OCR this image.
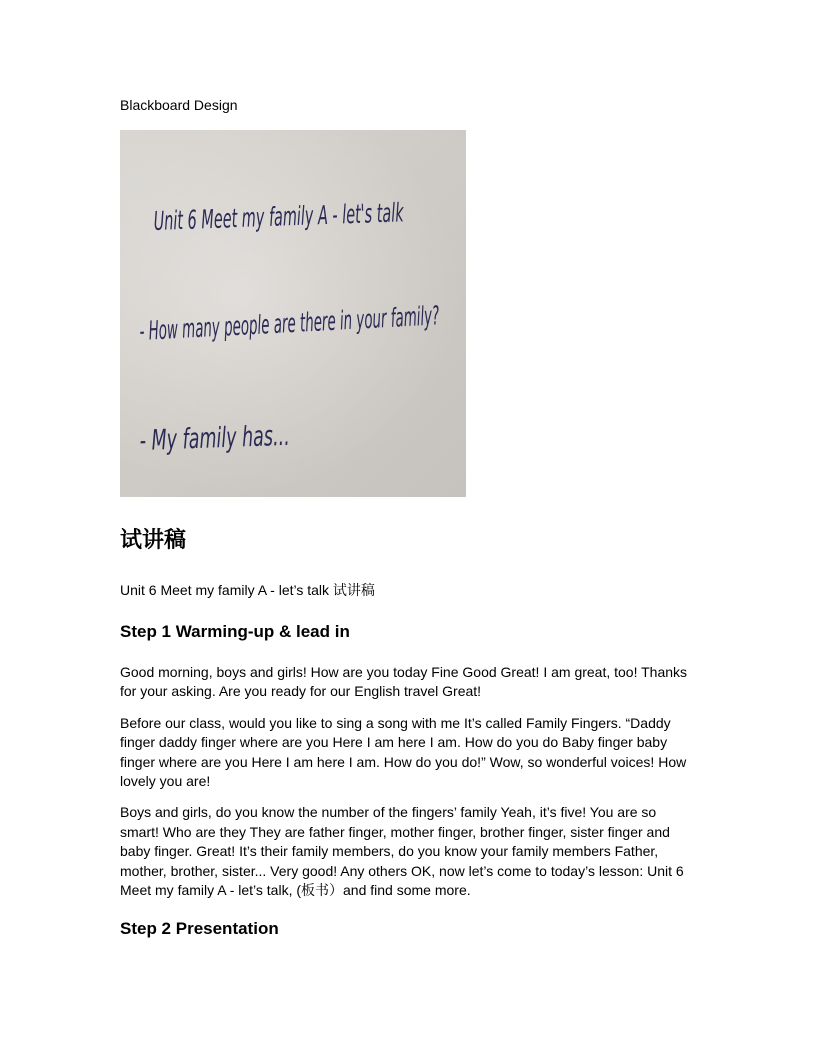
Blackboard Design
Unit 6 Meet my family A - let's talk
- How many people are there in your family?
- My family has...
试讲稿
Unit 6 Meet my family A - let’s talk 试讲稿
Step 1 Warming-up & lead in

Good morning, boys and girls! How are you today Fine Good Great! I am great, too! Thanks for your asking. Are you ready for our English travel Great!

Before our class, would you like to sing a song with me It’s called Family Fingers. “Daddy finger daddy finger where are you Here I am here I am. How do you do Baby finger baby finger where are you Here I am here I am. How do you do!” Wow, so wonderful voices! How lovely you are!

Boys and girls, do you know the number of the fingers’ family Yeah, it’s five! You are so smart! Who are they They are father finger, mother finger, brother finger, sister finger and baby finger. Great! It’s their family members, do you know your family members Father, mother, brother, sister... Very good! Any others OK, now let’s come to today’s lesson: Unit 6 Meet my family A - let’s talk, (板书）and find some more.

Step 2 Presentation
